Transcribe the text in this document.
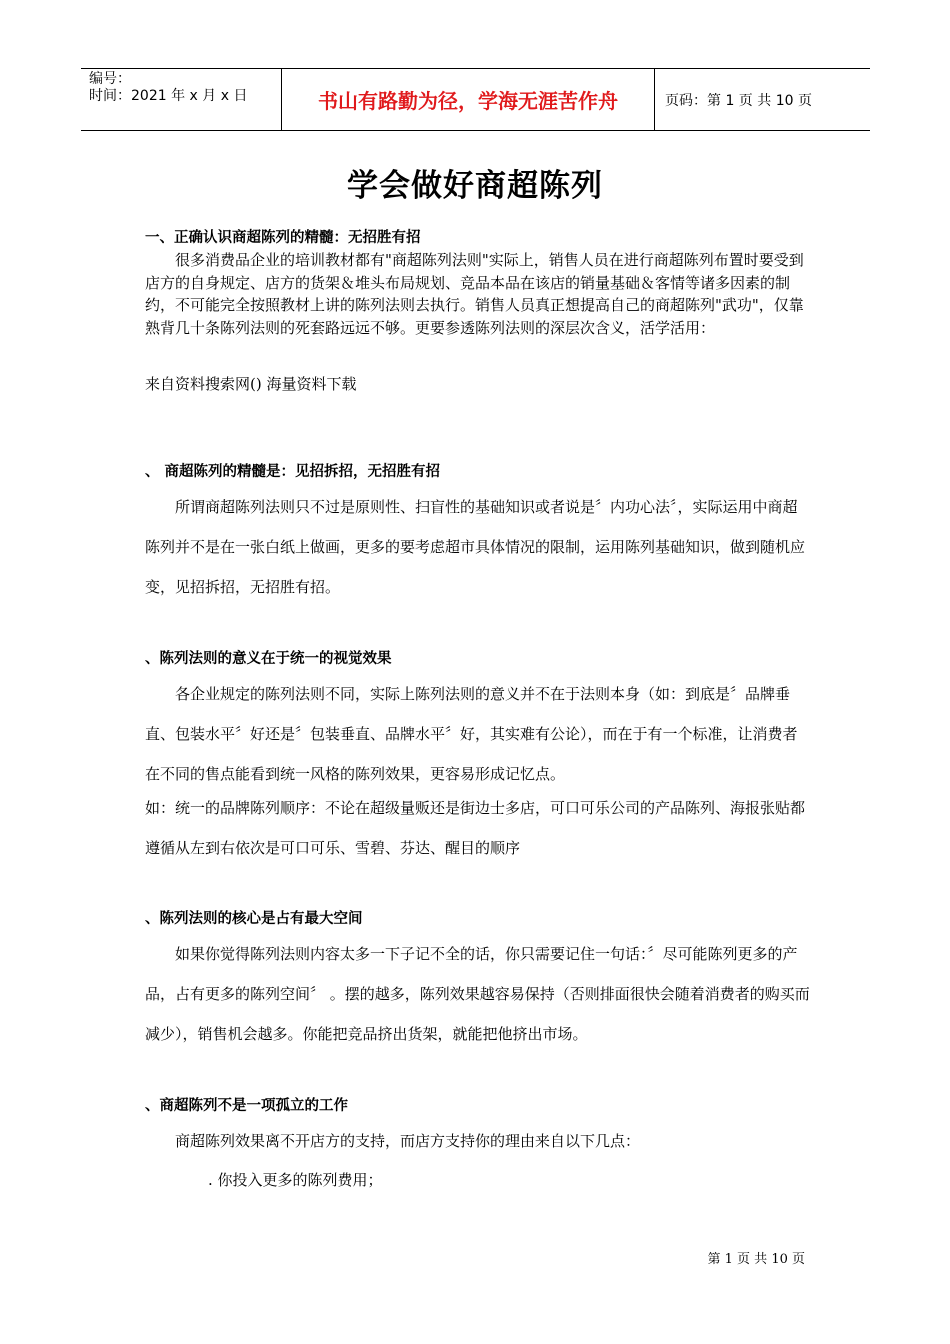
编号：
时间：2021 年 x 月 x 日	书山有路勤为径，学海无涯苦作舟	页码：第 1 页 共 10 页
学会做好商超陈列
一、正确认识商超陈列的精髓：无招胜有招
很多消费品企业的培训教材都有"商超陈列法则"实际上，销售人员在进行商超陈列布置时要受到店方的自身规定、店方的货架＆堆头布局规划、竞品本品在该店的销量基础＆客情等诸多因素的制约，不可能完全按照教材上讲的陈列法则去执行。销售人员真正想提高自己的商超陈列"武功"，仅靠熟背几十条陈列法则的死套路远远不够。更要参透陈列法则的深层次含义，活学活用：
来自资料搜索网() 海量资料下载
、 商超陈列的精髓是：见招拆招，无招胜有招
所谓商超陈列法则只不过是原则性、扫盲性的基础知识或者说是〞内功心法〞，实际运用中商超陈列并不是在一张白纸上做画，更多的要考虑超市具体情况的限制，运用陈列基础知识，做到随机应变，见招拆招，无招胜有招。
、陈列法则的意义在于统一的视觉效果
各企业规定的陈列法则不同，实际上陈列法则的意义并不在于法则本身（如：到底是〞品牌垂直、包装水平〞好还是〞包装垂直、品牌水平〞好，其实难有公论），而在于有一个标准，让消费者在不同的售点能看到统一风格的陈列效果，更容易形成记忆点。
如：统一的品牌陈列顺序：不论在超级量贩还是街边士多店，可口可乐公司的产品陈列、海报张贴都遵循从左到右依次是可口可乐、雪碧、芬达、醒目的顺序
、陈列法则的核心是占有最大空间
如果你觉得陈列法则内容太多一下子记不全的话，你只需要记住一句话：〞尽可能陈列更多的产品，占有更多的陈列空间〞 。摆的越多，陈列效果越容易保持（否则排面很快会随着消费者的购买而减少），销售机会越多。你能把竞品挤出货架，就能把他挤出市场。
、商超陈列不是一项孤立的工作
商超陈列效果离不开店方的支持，而店方支持你的理由来自以下几点：
. 你投入更多的陈列费用；
第 1 页 共 10 页
